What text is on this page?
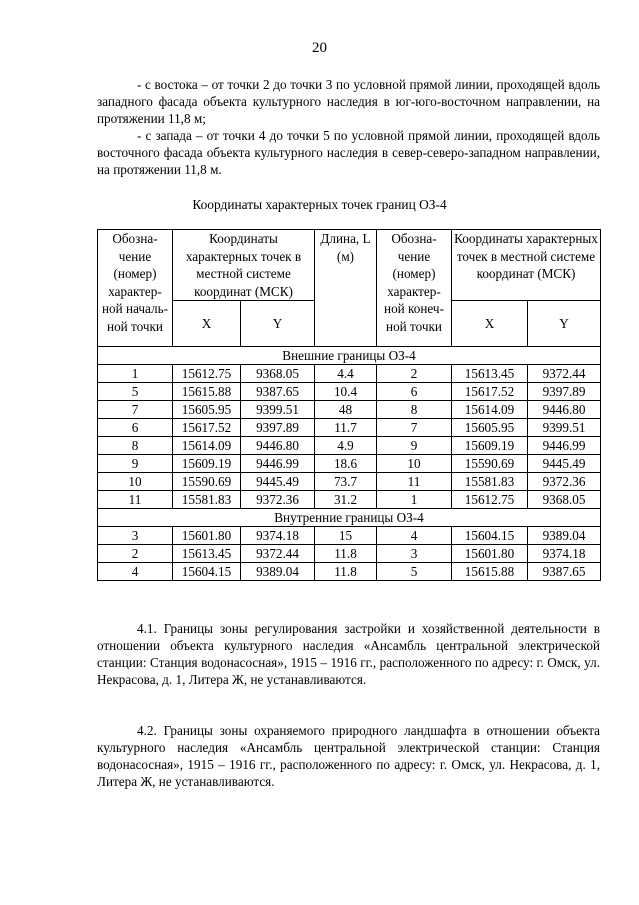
20

- с востока – от точки 2 до точки 3 по условной прямой линии, проходящей вдоль западного фасада объекта культурного наследия в юг-юго-восточном направлении, на протяжении 11,8 м;

- с запада – от точки 4 до точки 5 по условной прямой линии, проходящей вдоль восточного фасада объекта культурного наследия в север-северо-западном направлении, на протяжении 11,8 м.

Координаты характерных точек границ ОЗ-4
Обозна-чение (номер) характер-ной началь-ной точки	Координаты характерных точек в местной системе координат (МСК)		Длина, L (м)	Обозна-чение (номер) характер-ной конеч-ной точки	Координаты характерных точек в местной системе координат (МСК)	
	X	Y			X	Y
Внешние границы ОЗ-4						
1	15612.75	9368.05	4.4	2	15613.45	9372.44
5	15615.88	9387.65	10.4	6	15617.52	9397.89
7	15605.95	9399.51	48	8	15614.09	9446.80
6	15617.52	9397.89	11.7	7	15605.95	9399.51
8	15614.09	9446.80	4.9	9	15609.19	9446.99
9	15609.19	9446.99	18.6	10	15590.69	9445.49
10	15590.69	9445.49	73.7	11	15581.83	9372.36
11	15581.83	9372.36	31.2	1	15612.75	9368.05
Внутренние границы ОЗ-4						
3	15601.80	9374.18	15	4	15604.15	9389.04
2	15613.45	9372.44	11.8	3	15601.80	9374.18
4	15604.15	9389.04	11.8	5	15615.88	9387.65

4.1. Границы зоны регулирования застройки и хозяйственной деятельности в отношении объекта культурного наследия «Ансамбль центральной электрической станции: Станция водонасосная», 1915 – 1916 гг., расположенного по адресу: г. Омск, ул. Некрасова, д. 1, Литера Ж, не устанавливаются.

4.2. Границы зоны охраняемого природного ландшафта в отношении объекта культурного наследия «Ансамбль центральной электрической станции: Станция водонасосная», 1915 – 1916 гг., расположенного по адресу: г. Омск, ул. Некрасова, д. 1, Литера Ж, не устанавливаются.
